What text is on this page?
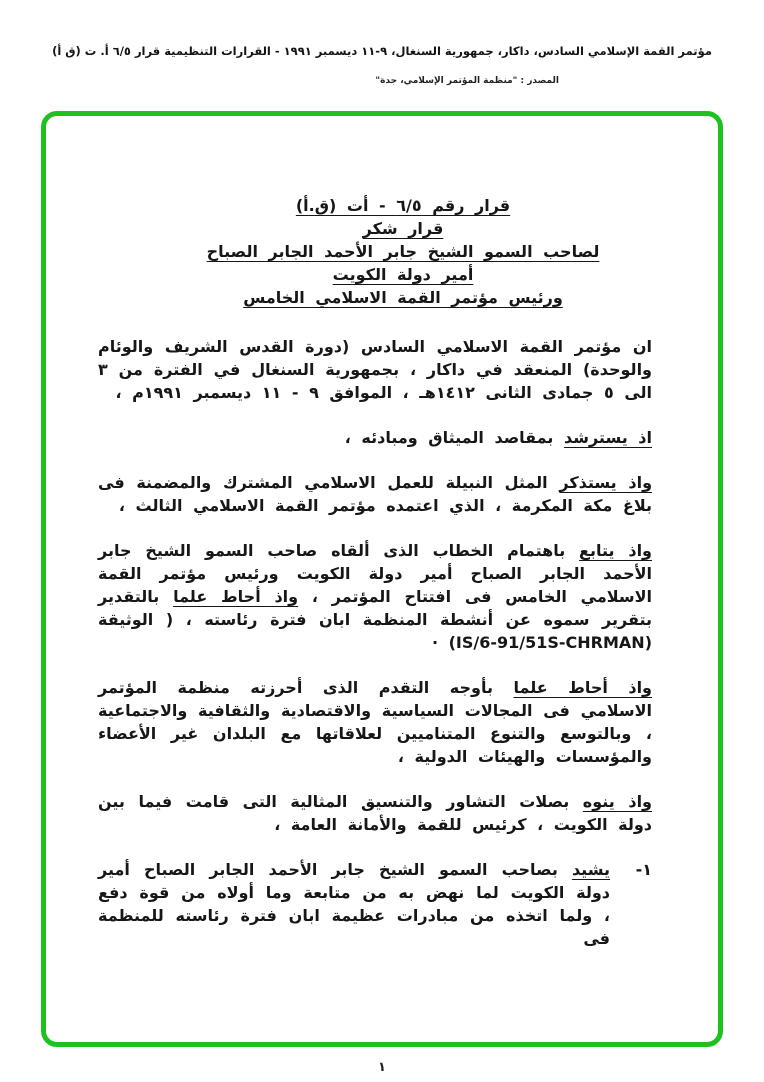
مؤتمر القمة الإسلامي السادس، داكار، جمهورية السنغال، ٩-١١ ديسمبر ١٩٩١ - القرارات التنظيمية قرار ٦/٥ أ. ت (ق أ)
المصدر : "منظمة المؤتمر الإسلامي، جدة"
قرار رقم ٦/٥ - أت (ق.أ)
قرار شكر
لصاحب السمو الشيخ جابر الأحمد الجابر الصباح
أمير دولة الكويت
ورئيس مؤتمر القمة الاسلامي الخامس

ان مؤتمر القمة الاسلامي السادس (دورة القدس الشريف والوئام والوحدة) المنعقد في داكار ، بجمهورية السنغال في الفترة من ٣ الى ٥ جمادى الثانى ١٤١٢هـ ، الموافق ٩ - ١١ ديسمبر ١٩٩١م ،

اذ يسترشد بمقاصد الميثاق ومبادئه ،

واذ يستذكر المثل النبيلة للعمل الاسلامي المشترك والمضمنة فى بلاغ مكة المكرمة ، الذي اعتمده مؤتمر القمة الاسلامي الثالث ،

واذ يتابع باهتمام الخطاب الذى ألقاه صاحب السمو الشيخ جابر الأحمد الجابر الصباح أمير دولة الكويت ورئيس مؤتمر القمة الاسلامي الخامس فى افتتاح المؤتمر ، واذ أحاط علما بالتقدير بتقرير سموه عن أنشطة المنظمة ابان فترة رئاسته ، ( الوثيقة (IS/6-91/51S-CHRMAN) ·

واذ أحاط علما بأوجه التقدم الذى أحرزته منظمة المؤتمر الاسلامي فى المجالات السياسية والاقتصادية والثقافية والاجتماعية ، وبالتوسع والتنوع المتناميين لعلاقاتها مع البلدان غير الأعضاء والمؤسسات والهيئات الدولية ،

واذ ينوه بصلات التشاور والتنسيق المثالية التى قامت فيما بين دولة الكويت ، كرئيس للقمة والأمانة العامة ،

١-

يشيد بصاحب السمو الشيخ جابر الأحمد الجابر الصباح أمير دولة الكويت لما نهض به من متابعة وما أولاه من قوة دفع ، ولما اتخذه من مبادرات عظيمة ابان فترة رئاسته للمنظمة فى

١
